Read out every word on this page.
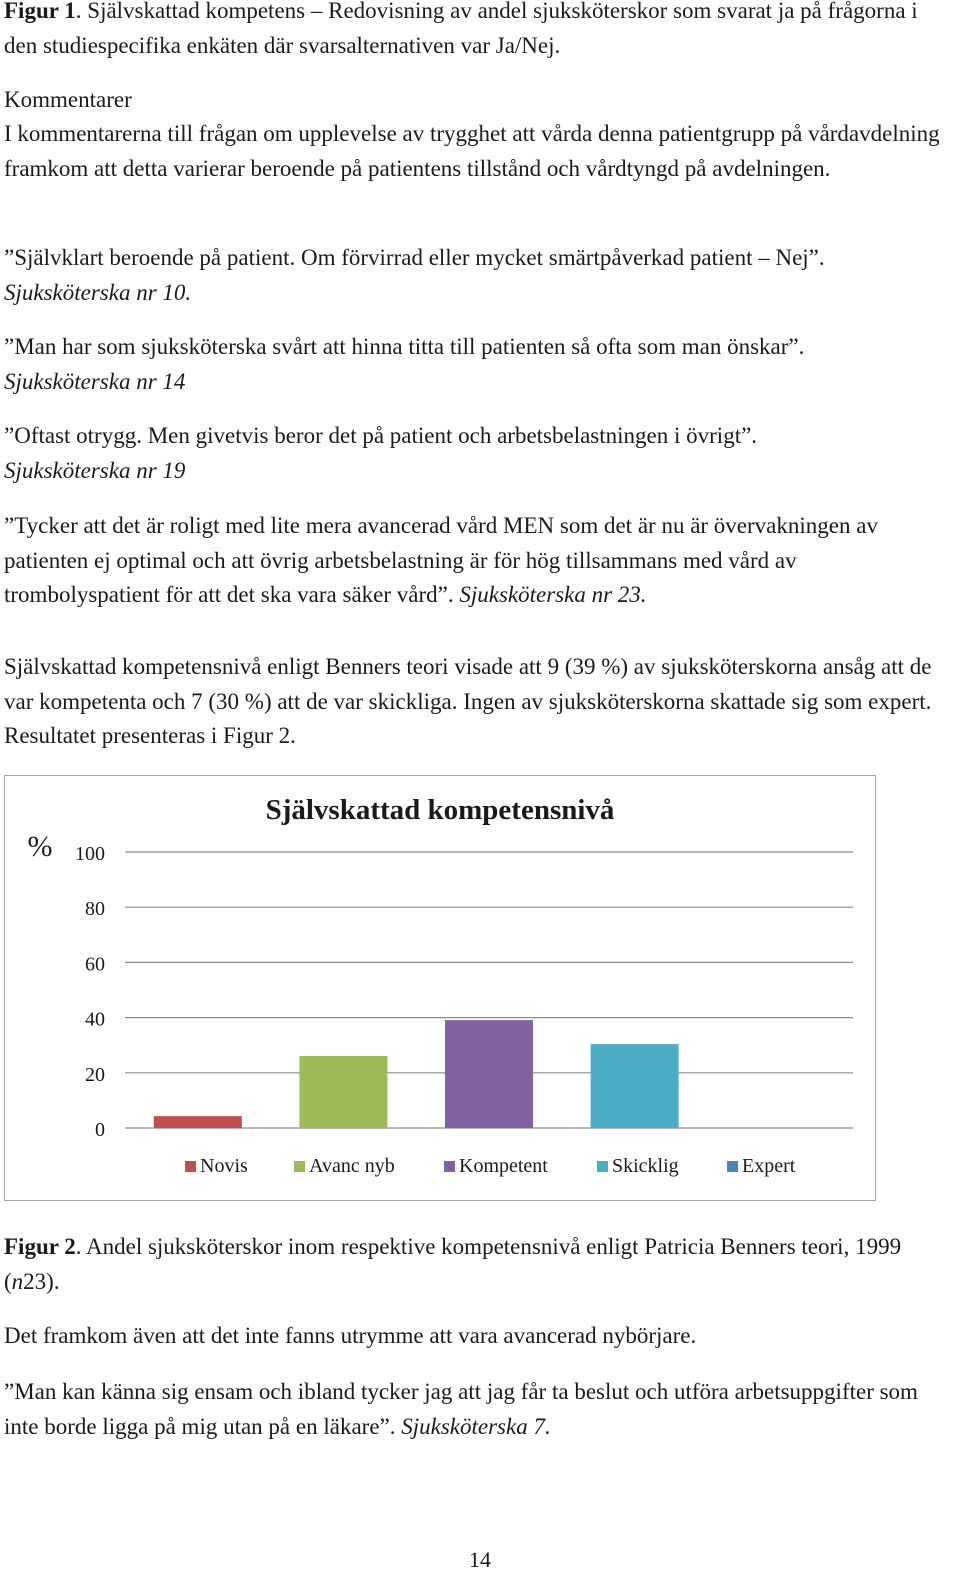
Figur 1. Självskattad kompetens – Redovisning av andel sjuksköterskor som svarat ja på frågorna i den studiespecifika enkäten där svarsalternativen var Ja/Nej.

Kommentarer

I kommentarerna till frågan om upplevelse av trygghet att vårda denna patientgrupp på vårdavdelning framkom att detta varierar beroende på patientens tillstånd och vårdtyngd på avdelningen.

”Självklart beroende på patient. Om förvirrad eller mycket smärtpåverkad patient – Nej”.
Sjuksköterska nr 10.

”Man har som sjuksköterska svårt att hinna titta till patienten så ofta som man önskar”.
Sjuksköterska nr 14

”Oftast otrygg. Men givetvis beror det på patient och arbetsbelastningen i övrigt”.
Sjuksköterska nr 19

”Tycker att det är roligt med lite mera avancerad vård MEN som det är nu är övervakningen av patienten ej optimal och att övrig arbetsbelastning är för hög tillsammans med vård av trombolyspatient för att det ska vara säker vård”. Sjuksköterska nr 23.

Självskattad kompetensnivå enligt Benners teori visade att 9 (39 %) av sjuksköterskorna ansåg att de var kompetenta och 7 (30 %) att de var skickliga. Ingen av sjuksköterskorna skattade sig som expert. Resultatet presenteras i Figur 2.

Figur 2. Andel sjuksköterskor inom respektive kompetensnivå enligt Patricia Benners teori, 1999 (n23).

Det framkom även att det inte fanns utrymme att vara avancerad nybörjare.

”Man kan känna sig ensam och ibland tycker jag att jag får ta beslut och utföra arbetsuppgifter som inte borde ligga på mig utan på en läkare”. Sjuksköterska 7.

Självskattad kompetensnivå
%
0
20
40
60
80
100
Novis	Avanc nyb	Kompetent	Skicklig	Expert
14
